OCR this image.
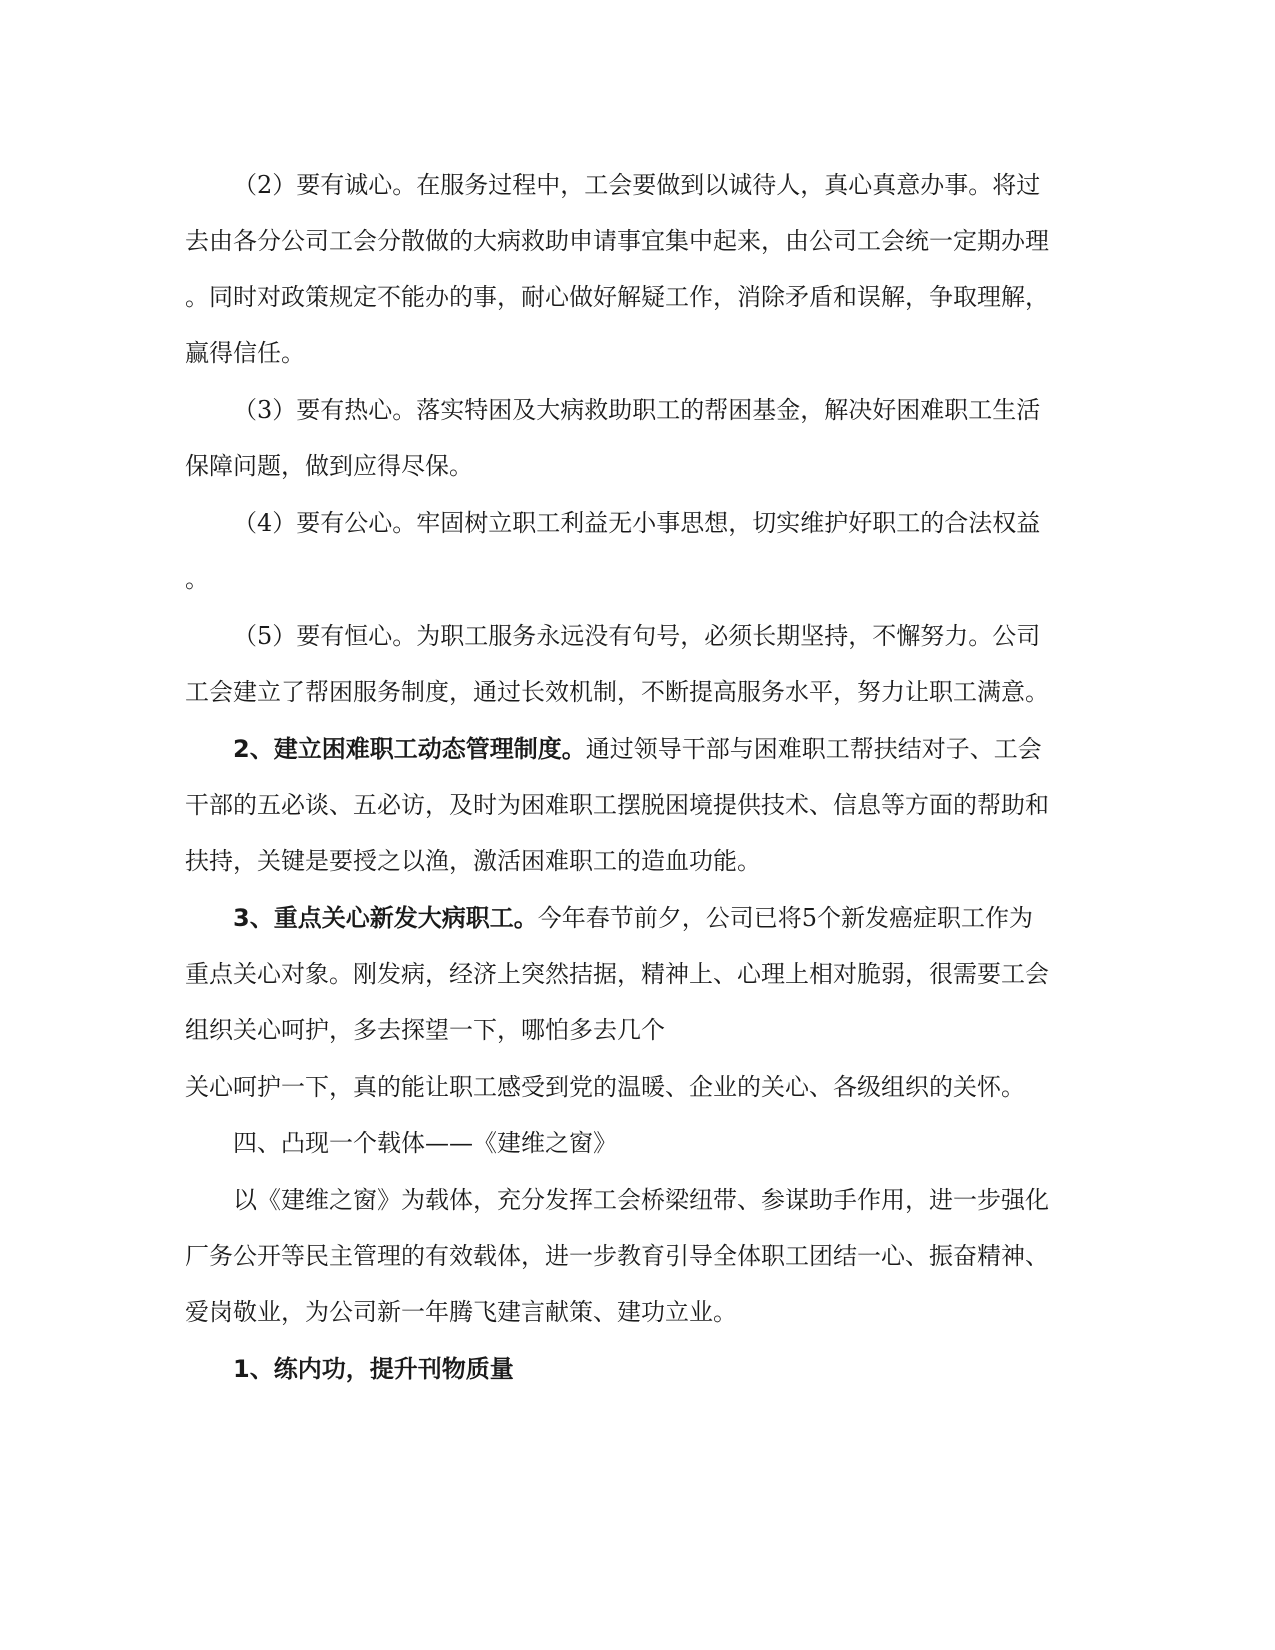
（2）要有诚心。在服务过程中，工会要做到以诚待人，真心真意办事。将过
去由各分公司工会分散做的大病救助申请事宜集中起来，由公司工会统一定期办理
。同时对政策规定不能办的事，耐心做好解疑工作，消除矛盾和误解，争取理解，
赢得信任。
（3）要有热心。落实特困及大病救助职工的帮困基金，解决好困难职工生活
保障问题，做到应得尽保。
（4）要有公心。牢固树立职工利益无小事思想，切实维护好职工的合法权益
。
（5）要有恒心。为职工服务永远没有句号，必须长期坚持，不懈努力。公司
工会建立了帮困服务制度，通过长效机制，不断提高服务水平，努力让职工满意。
2、建立困难职工动态管理制度。通过领导干部与困难职工帮扶结对子、工会
干部的五必谈、五必访，及时为困难职工摆脱困境提供技术、信息等方面的帮助和
扶持，关键是要授之以渔，激活困难职工的造血功能。
3、重点关心新发大病职工。今年春节前夕，公司已将5个新发癌症职工作为
重点关心对象。刚发病，经济上突然拮据，精神上、心理上相对脆弱，很需要工会
组织关心呵护，多去探望一下，哪怕多去几个
关心呵护一下，真的能让职工感受到党的温暖、企业的关心、各级组织的关怀。
四、凸现一个载体——《建维之窗》
以《建维之窗》为载体，充分发挥工会桥梁纽带、参谋助手作用，进一步强化
厂务公开等民主管理的有效载体，进一步教育引导全体职工团结一心、振奋精神、
爱岗敬业，为公司新一年腾飞建言献策、建功立业。
1、练内功，提升刊物质量
